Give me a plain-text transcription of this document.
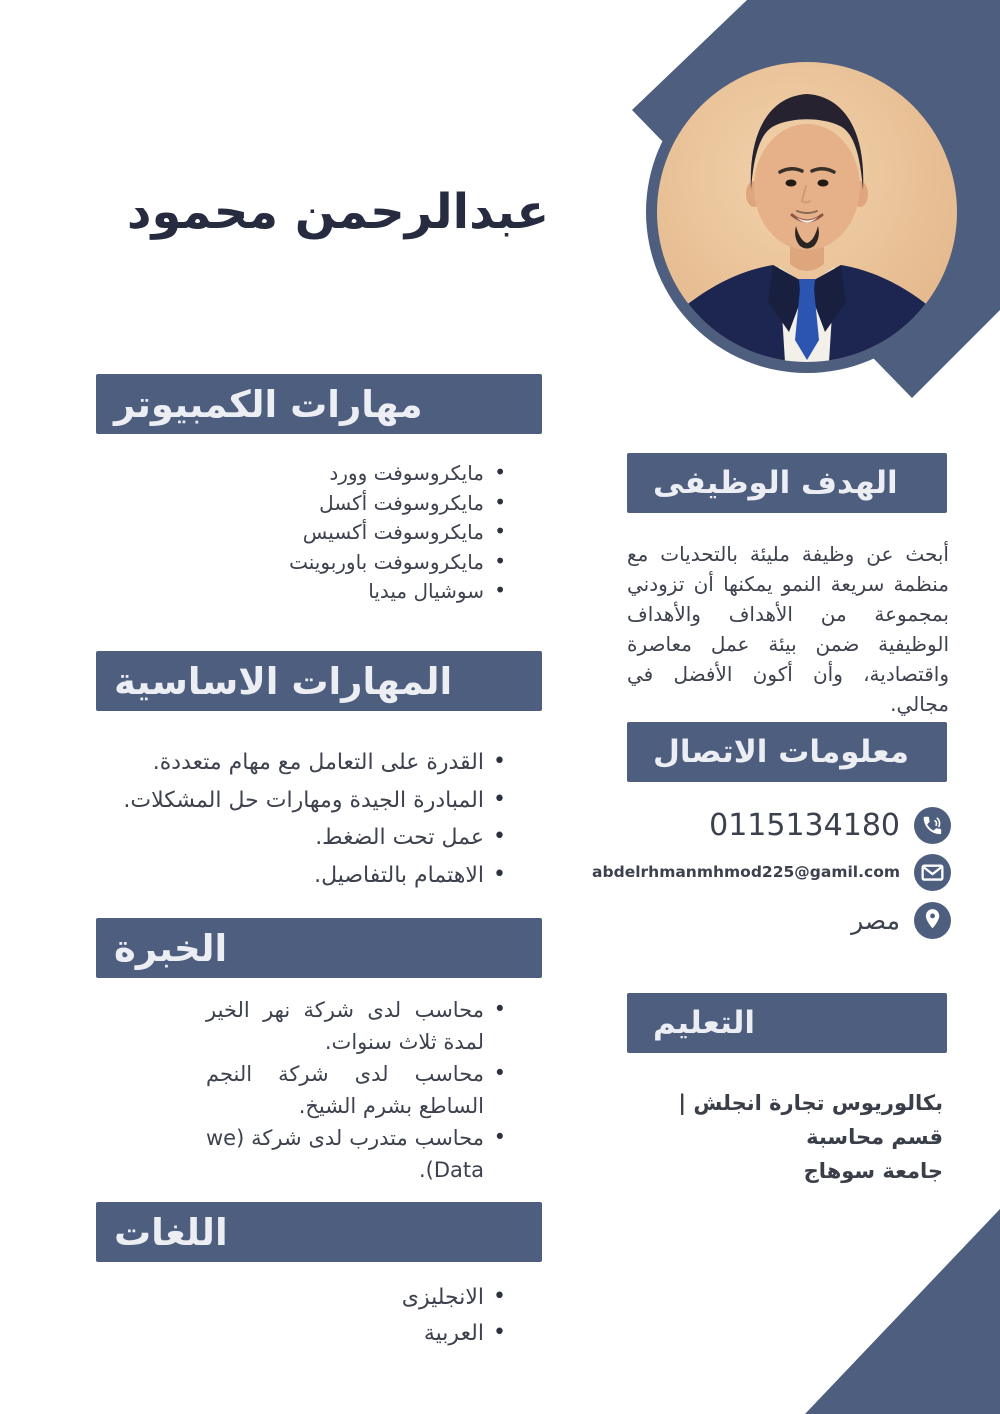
عبدالرحمن محمود
مهارات الكمبيوتر
•
مايكروسوفت وورد
•
مايكروسوفت أكسل
•
مايكروسوفت أكسيس
•
مايكروسوفت باوربوينت
•
سوشيال ميديا
المهارات الاساسية
•
القدرة على التعامل مع مهام متعددة.
•
المبادرة الجيدة ومهارات حل المشكلات.
•
عمل تحت الضغط.
•
الاهتمام بالتفاصيل.
الخبرة
•
محاسب لدى شركة نهر الخير لمدة ثلاث سنوات.
•
محاسب لدى شركة النجم الساطع بشرم الشيخ.
•
محاسب متدرب لدى شركة (we Data).
اللغات
•
الانجليزى
•
العربية
الهدف الوظيفى
أبحث عن وظيفة مليئة بالتحديات مع منظمة سريعة النمو يمكنها أن تزودني بمجموعة من الأهداف والأهداف الوظيفية ضمن بيئة عمل معاصرة واقتصادية، وأن أكون الأفضل في مجالي.
معلومات الاتصال
0115134180
abdelrhmanmhmod225@gamil.com
مصر
التعليم
بكالوريوس تجارة انجلش | قسم محاسبة
جامعة سوهاج
